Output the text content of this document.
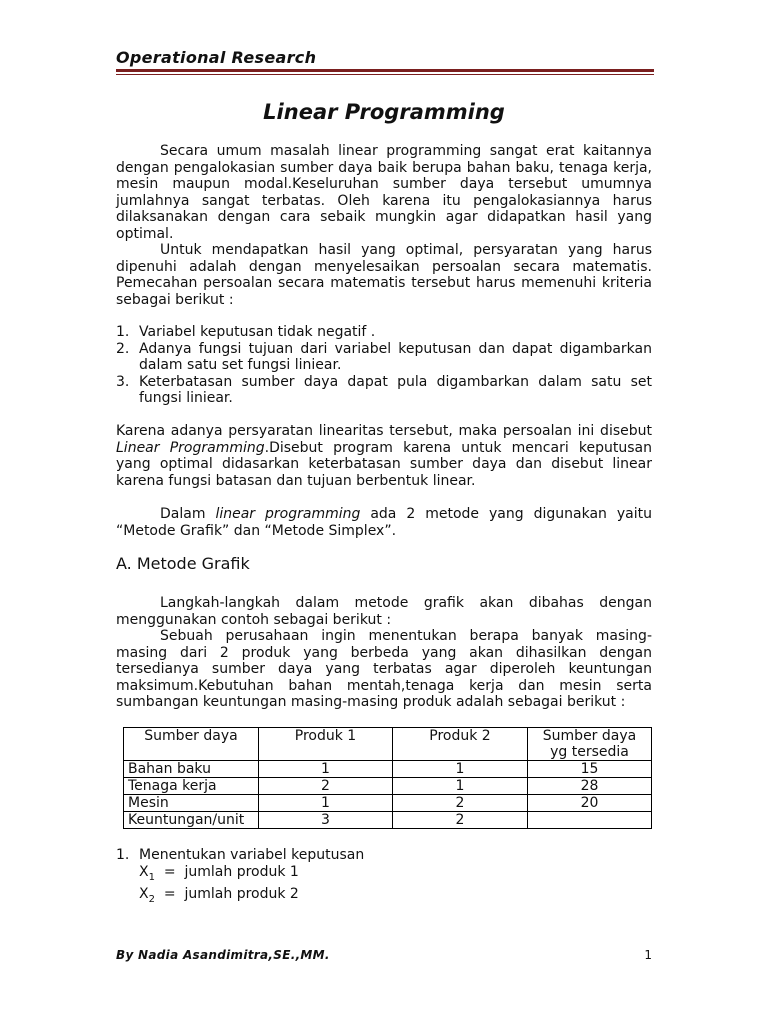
Operational Research
Linear Programming

Secara umum masalah linear programming sangat erat kaitannya dengan pengalokasian sumber daya baik berupa bahan baku, tenaga kerja, mesin maupun modal.Keseluruhan sumber daya tersebut umumnya jumlahnya sangat terbatas. Oleh karena itu pengalokasiannya harus dilaksanakan dengan cara sebaik mungkin agar didapatkan hasil yang optimal.

Untuk mendapatkan hasil yang optimal, persyaratan yang harus dipenuhi adalah dengan menyelesaikan persoalan secara matematis. Pemecahan persoalan secara matematis tersebut harus memenuhi kriteria sebagai berikut :

1. Variabel keputusan tidak negatif .
2. Adanya fungsi tujuan dari variabel keputusan dan dapat digambarkan dalam satu set fungsi liniear.
3. Keterbatasan sumber daya dapat pula digambarkan dalam satu set fungsi liniear.

Karena adanya persyaratan linearitas tersebut, maka persoalan ini disebut Linear Programming.Disebut program karena untuk mencari keputusan yang optimal didasarkan keterbatasan sumber daya dan disebut linear karena fungsi batasan dan tujuan berbentuk linear.

Dalam linear programming ada 2 metode yang digunakan yaitu “Metode Grafik” dan “Metode Simplex”.

A. Metode Grafik

Langkah-langkah dalam metode grafik akan dibahas dengan menggunakan contoh sebagai berikut :

Sebuah perusahaan ingin menentukan berapa banyak masing-masing dari 2 produk yang berbeda yang akan dihasilkan dengan tersedianya sumber daya yang terbatas agar diperoleh keuntungan maksimum.Kebutuhan bahan mentah,tenaga kerja dan mesin serta sumbangan keuntungan masing-masing produk adalah sebagai berikut :

Sumber daya	Produk 1	Produk 2	Sumber daya yg tersedia
Bahan baku	1	1	15
Tenaga kerja	2	1	28
Mesin	1	2	20
Keuntungan/unit	3	2	
1. Menentukan variabel keputusan
$X_1$  =  jumlah produk 1
$X_2$  =  jumlah produk 2
By Nadia Asandimitra,SE.,MM.	1
